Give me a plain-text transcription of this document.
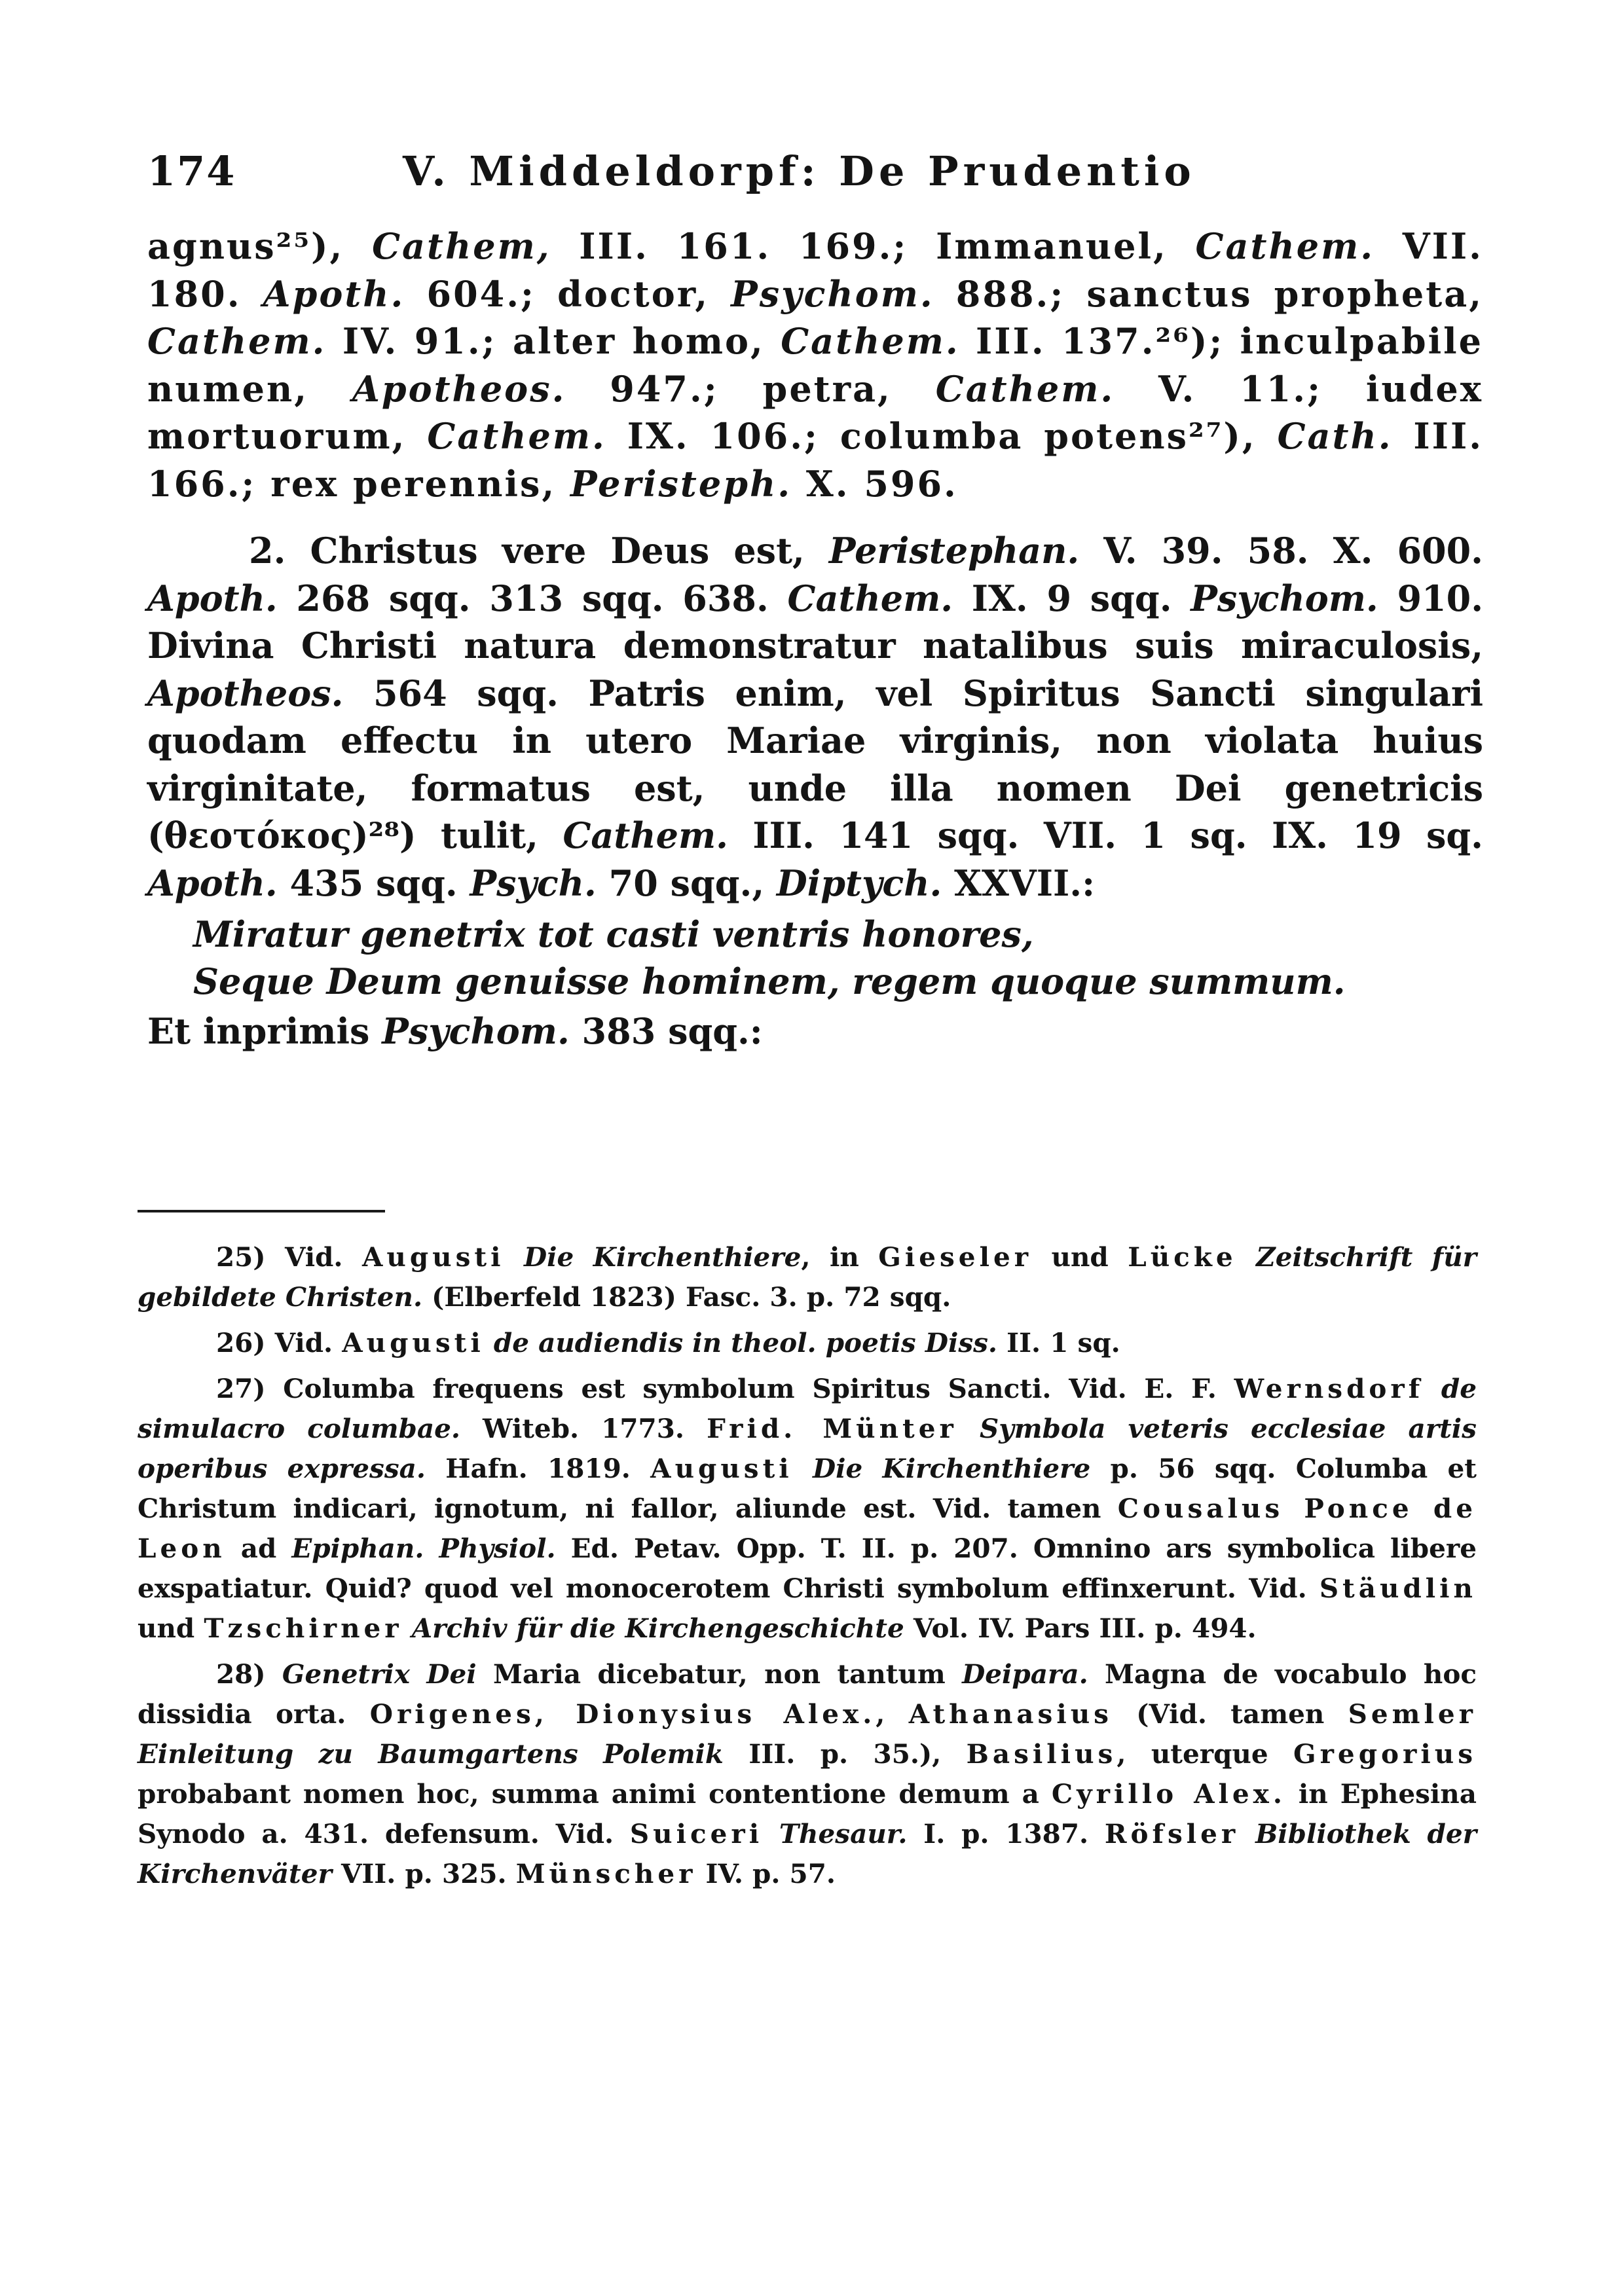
174	V. Middeldorpf: De Prudentio

agnus²⁵), Cathem, III. 161. 169.; Immanuel, Cathem. VII. 180. Apoth. 604.; doctor, Psychom. 888.; sanctus propheta, Cathem. IV. 91.; alter homo, Cathem. III. 137.²⁶); inculpabile numen, Apotheos. 947.; petra, Cathem. V. 11.; iudex mortuorum, Cathem. IX. 106.; columba potens²⁷), Cath. III. 166.; rex perennis, Peristeph. X. 596.

2. Christus vere Deus est, Peristephan. V. 39. 58. X. 600. Apoth. 268 sqq. 313 sqq. 638. Cathem. IX. 9 sqq. Psychom. 910. Divina Christi natura demonstratur natalibus suis miraculosis, Apotheos. 564 sqq. Patris enim, vel Spiritus Sancti singulari quodam effectu in utero Mariae virginis, non violata huius virginitate, formatus est, unde illa nomen Dei genetricis (θεοτόκος)²⁸) tulit, Cathem. III. 141 sqq. VII. 1 sq. IX. 19 sq. Apoth. 435 sqq. Psych. 70 sqq., Diptych. XXVII.:

Miratur genetrix tot casti ventris honores,
Seque Deum genuisse hominem, regem quoque summum.

Et inprimis Psychom. 383 sqq.:

25) Vid. Augusti Die Kirchenthiere, in Gieseler und Lücke Zeitschrift für gebildete Christen. (Elberfeld 1823) Fasc. 3. p. 72 sqq.

26) Vid. Augusti de audiendis in theol. poetis Diss. II. 1 sq.

27) Columba frequens est symbolum Spiritus Sancti. Vid. E. F. Wernsdorf de simulacro columbae. Witeb. 1773. Frid. Münter Symbola veteris ecclesiae artis operibus expressa. Hafn. 1819. Augusti Die Kirchenthiere p. 56 sqq. Columba et Christum indicari, ignotum, ni fallor, aliunde est. Vid. tamen Cousalus Ponce de Leon ad Epiphan. Physiol. Ed. Petav. Opp. T. II. p. 207. Omnino ars symbolica libere exspatiatur. Quid? quod vel monocerotem Christi symbolum effinxerunt. Vid. Stäudlin und Tzschirner Archiv für die Kirchengeschichte Vol. IV. Pars III. p. 494.

28) Genetrix Dei Maria dicebatur, non tantum Deipara. Magna de vocabulo hoc dissidia orta. Origenes, Dionysius Alex., Athanasius (Vid. tamen Semler Einleitung zu Baumgartens Polemik III. p. 35.), Basilius, uterque Gregorius probabant nomen hoc, summa animi contentione demum a Cyrillo Alex. in Ephesina Synodo a. 431. defensum. Vid. Suiceri Thesaur. I. p. 1387. Röfsler Bibliothek der Kirchenväter VII. p. 325. Münscher IV. p. 57.
